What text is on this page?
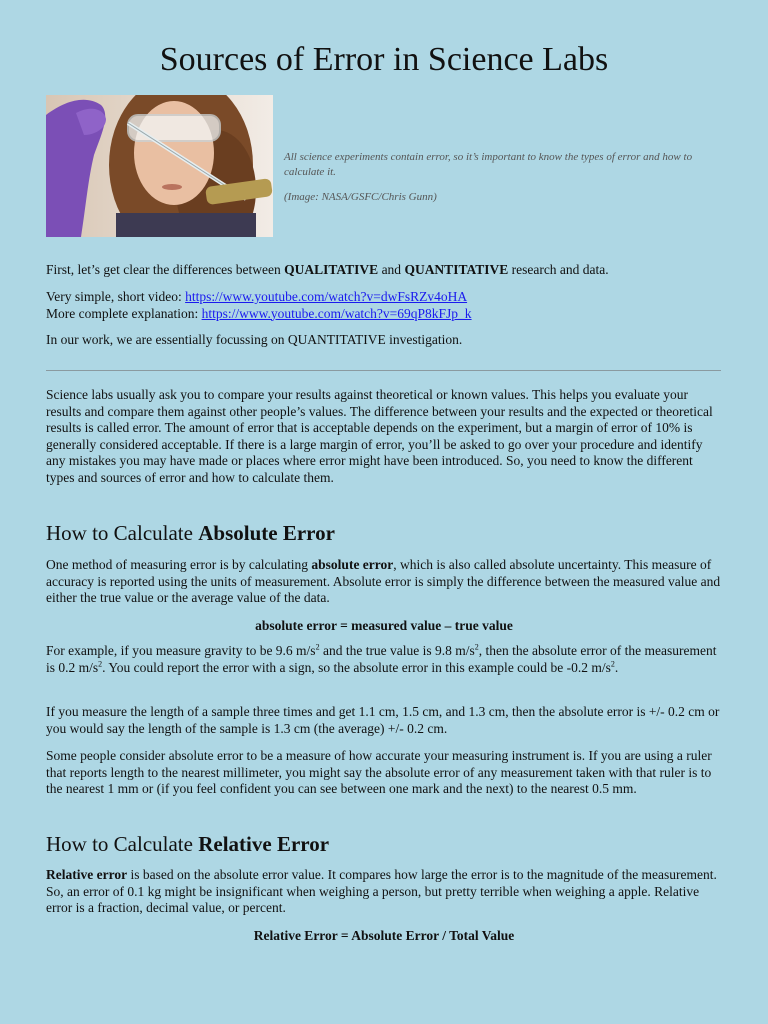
Sources of Error in Science Labs

All science experiments contain error, so it’s important to know the types of error and how to calculate it.

(Image: NASA/GSFC/Chris Gunn)

First, let’s get clear the differences between QUALITATIVE and QUANTITATIVE research and data.

Very simple, short video: https://www.youtube.com/watch?v=dwFsRZv4oHA

More complete explanation: https://www.youtube.com/watch?v=69qP8kFJp_k

In our work, we are essentially focussing on QUANTITATIVE investigation.

Science labs usually ask you to compare your results against theoretical or known values. This helps you evaluate your results and compare them against other people’s values. The difference between your results and the expected or theoretical results is called error. The amount of error that is acceptable depends on the experiment, but a margin of error of 10% is generally considered acceptable. If there is a large margin of error, you’ll be asked to go over your procedure and identify any mistakes you may have made or places where error might have been introduced. So, you need to know the different types and sources of error and how to calculate them.

How to Calculate Absolute Error

One method of measuring error is by calculating absolute error, which is also called absolute uncertainty. This measure of accuracy is reported using the units of measurement. Absolute error is simply the difference between the measured value and either the true value or the average value of the data.

absolute error = measured value – true value

For example, if you measure gravity to be 9.6 $m/s^2$ and the true value is 9.8 $m/s^2$, then the absolute error of the measurement is 0.2 $m/s^2$. You could report the error with a sign, so the absolute error in this example could be -0.2 $m/s^2$.

If you measure the length of a sample three times and get 1.1 cm, 1.5 cm, and 1.3 cm, then the absolute error is +/- 0.2 cm or you would say the length of the sample is 1.3 cm (the average) +/- 0.2 cm.

Some people consider absolute error to be a measure of how accurate your measuring instrument is. If you are using a ruler that reports length to the nearest millimeter, you might say the absolute error of any measurement taken with that ruler is to the nearest 1 mm or (if you feel confident you can see between one mark and the next) to the nearest 0.5 mm.

How to Calculate Relative Error

Relative error is based on the absolute error value. It compares how large the error is to the magnitude of the measurement. So, an error of 0.1 kg might be insignificant when weighing a person, but pretty terrible when weighing a apple. Relative error is a fraction, decimal value, or percent.

Relative Error = Absolute Error / Total Value
